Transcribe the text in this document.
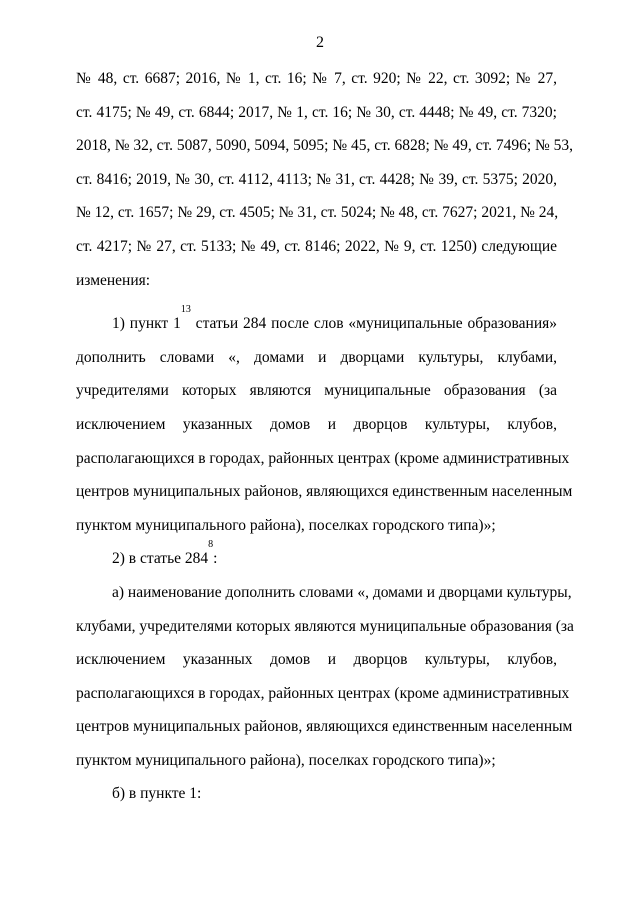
2
№ 48, ст. 6687; 2016, № 1, ст. 16; № 7, ст. 920; № 22, ст. 3092; № 27,
ст. 4175; № 49, ст. 6844; 2017, № 1, ст. 16; № 30, ст. 4448; № 49, ст. 7320;
2018, № 32, ст. 5087, 5090, 5094, 5095; № 45, ст. 6828; № 49, ст. 7496; № 53,
ст. 8416; 2019, № 30, ст. 4112, 4113; № 31, ст. 4428; № 39, ст. 5375; 2020,
№ 12, ст. 1657; № 29, ст. 4505; № 31, ст. 5024; № 48, ст. 7627; 2021, № 24,
ст. 4217; № 27, ст. 5133; № 49, ст. 8146; 2022, № 9, ст. 1250) следующие
изменения:
1) пункт $1^{13}$ статьи 284 после слов «муниципальные образования»
дополнить словами «, домами и дворцами культуры, клубами,
учредителями которых являются муниципальные образования (за
исключением указанных домов и дворцов культуры, клубов,
располагающихся в городах, районных центрах (кроме административных
центров муниципальных районов, являющихся единственным населенным
пунктом муниципального района), поселках городского типа)»;
2) в статье $284^8$:
а) наименование дополнить словами «, домами и дворцами культуры,
клубами, учредителями которых являются муниципальные образования (за
исключением указанных домов и дворцов культуры, клубов,
располагающихся в городах, районных центрах (кроме административных
центров муниципальных районов, являющихся единственным населенным
пунктом муниципального района), поселках городского типа)»;
б) в пункте 1:
